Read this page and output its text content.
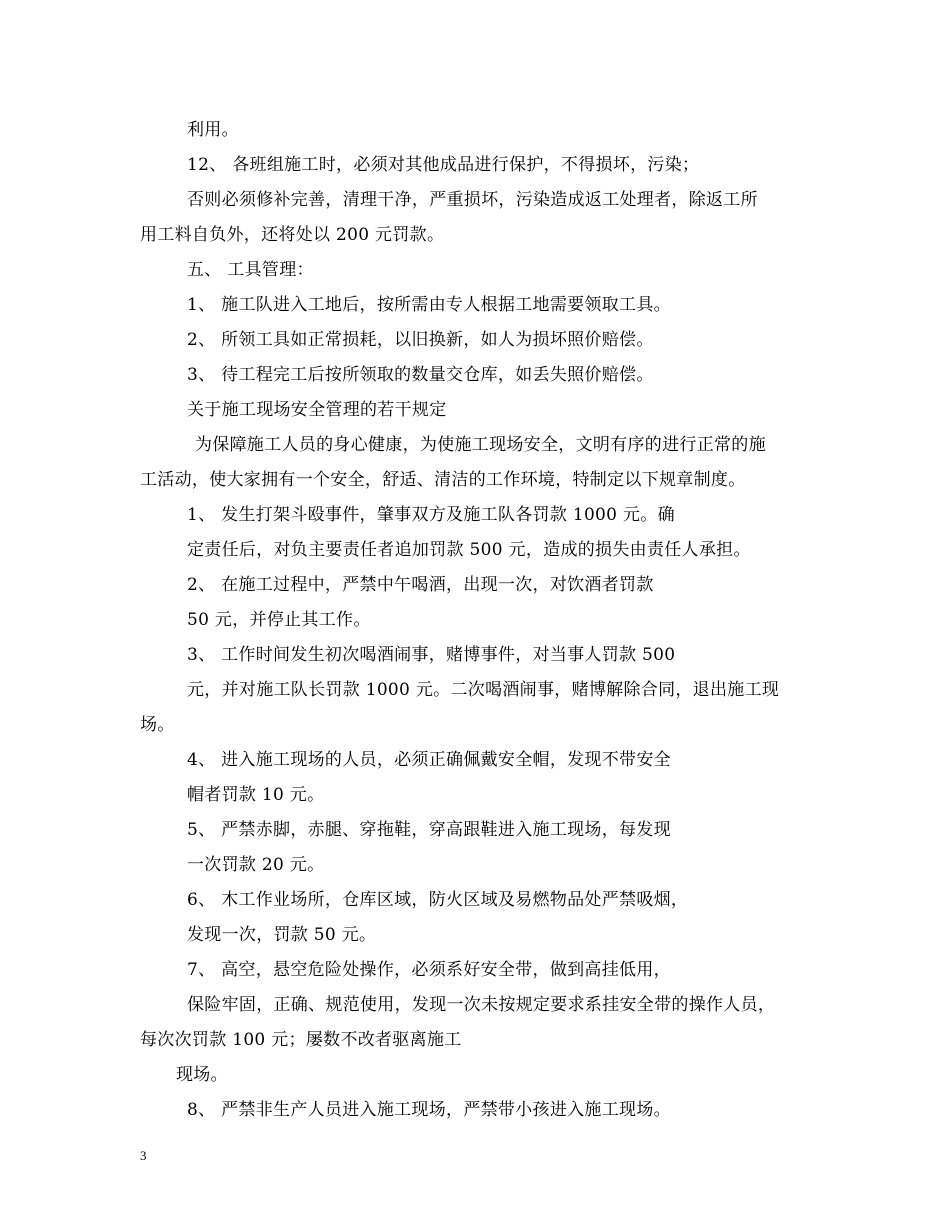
利用。
12、 各班组施工时，必须对其他成品进行保护，不得损坏，污染；
否则必须修补完善，清理干净，严重损坏，污染造成返工处理者，除返工所
用工料自负外，还将处以 200 元罚款。
五、 工具管理：
1、 施工队进入工地后，按所需由专人根据工地需要领取工具。
2、 所领工具如正常损耗，以旧换新，如人为损坏照价赔偿。
3、 待工程完工后按所领取的数量交仓库，如丢失照价赔偿。
关于施工现场安全管理的若干规定
为保障施工人员的身心健康，为使施工现场安全，文明有序的进行正常的施
工活动，使大家拥有一个安全，舒适、清洁的工作环境，特制定以下规章制度。
1、 发生打架斗殴事件，肇事双方及施工队各罚款 1000 元。确
定责任后，对负主要责任者追加罚款 500 元，造成的损失由责任人承担。
2、 在施工过程中，严禁中午喝酒，出现一次，对饮酒者罚款
50 元，并停止其工作。
3、 工作时间发生初次喝酒闹事，赌博事件，对当事人罚款 500
元，并对施工队长罚款 1000 元。二次喝酒闹事，赌博解除合同，退出施工现
场。
4、 进入施工现场的人员，必须正确佩戴安全帽，发现不带安全
帽者罚款 10 元。
5、 严禁赤脚，赤腿、穿拖鞋，穿高跟鞋进入施工现场，每发现
一次罚款 20 元。
6、 木工作业场所，仓库区域，防火区域及易燃物品处严禁吸烟，
发现一次，罚款 50 元。
7、 高空，悬空危险处操作，必须系好安全带，做到高挂低用，
保险牢固，正确、规范使用，发现一次未按规定要求系挂安全带的操作人员，
每次次罚款 100 元；屡数不改者驱离施工
现场。
8、 严禁非生产人员进入施工现场，严禁带小孩进入施工现场。
3
